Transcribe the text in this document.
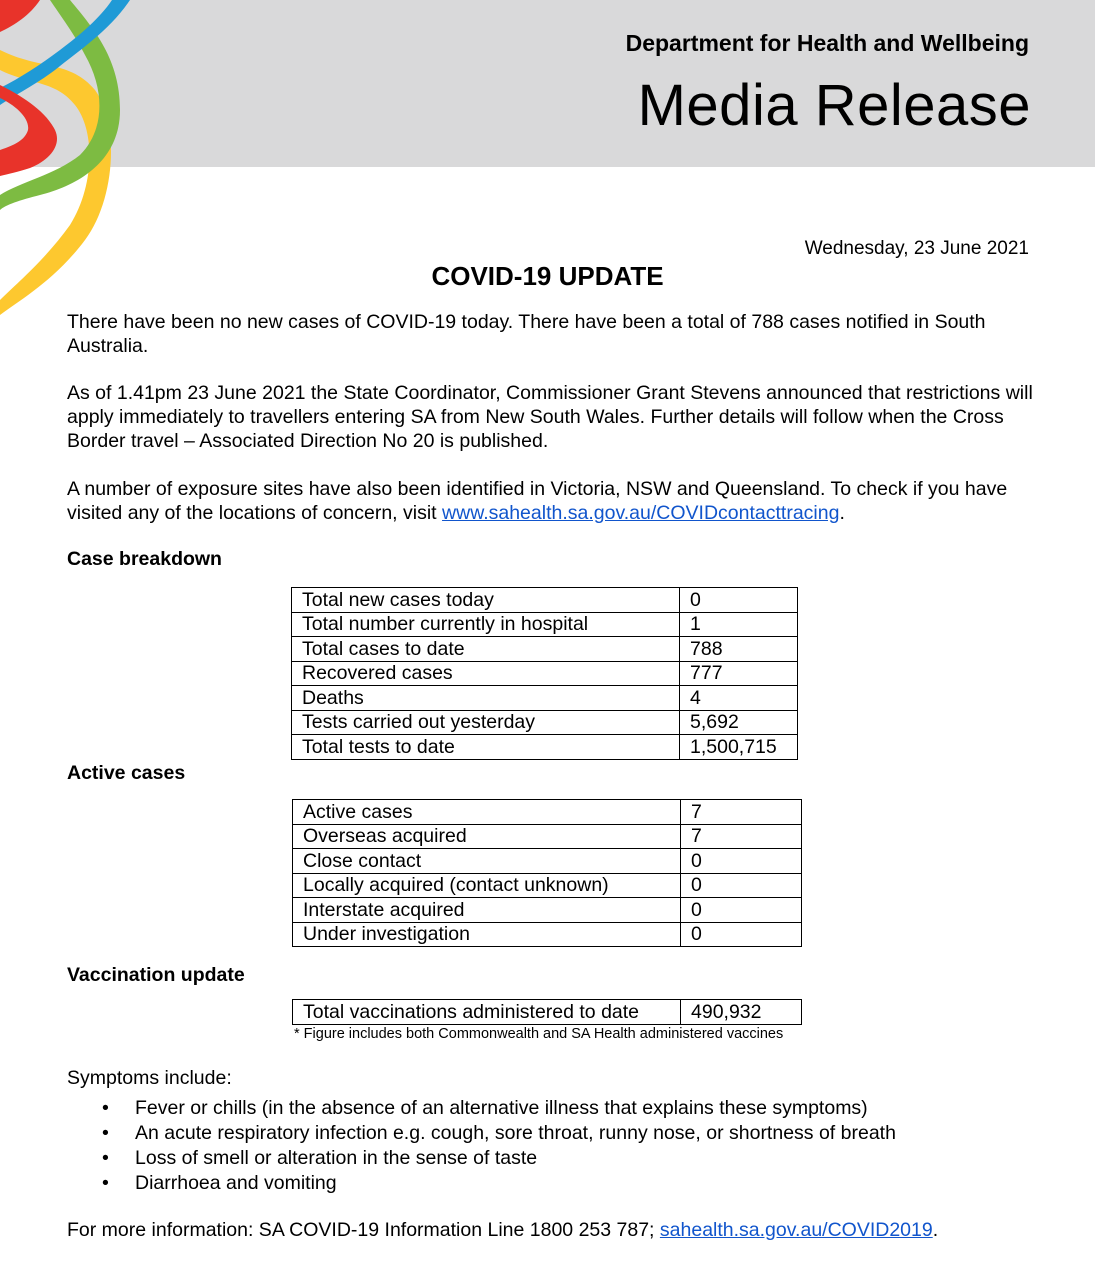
Department for Health and Wellbeing
Media Release
Wednesday, 23 June 2021
COVID-19 UPDATE
There have been no new cases of COVID-19 today. There have been a total of 788 cases notified in South Australia.
As of 1.41pm 23 June 2021 the State Coordinator, Commissioner Grant Stevens announced that restrictions will apply immediately to travellers entering SA from New South Wales. Further details will follow when the Cross Border travel – Associated Direction No 20 is published.
A number of exposure sites have also been identified in Victoria, NSW and Queensland. To check if you have visited any of the locations of concern, visit www.sahealth.sa.gov.au/COVIDcontacttracing.
Case breakdown
Total new cases today	0
Total number currently in hospital	1
Total cases to date	788
Recovered cases	777
Deaths	4
Tests carried out yesterday	5,692
Total tests to date	1,500,715
Active cases
Active cases	7
Overseas acquired	7
Close contact	0
Locally acquired (contact unknown)	0
Interstate acquired	0
Under investigation	0
Vaccination update
Total vaccinations administered to date	490,932
* Figure includes both Commonwealth and SA Health administered vaccines
Symptoms include:
• Fever or chills (in the absence of an alternative illness that explains these symptoms)
• An acute respiratory infection e.g. cough, sore throat, runny nose, or shortness of breath
• Loss of smell or alteration in the sense of taste
• Diarrhoea and vomiting
For more information: SA COVID-19 Information Line 1800 253 787; sahealth.sa.gov.au/COVID2019.
